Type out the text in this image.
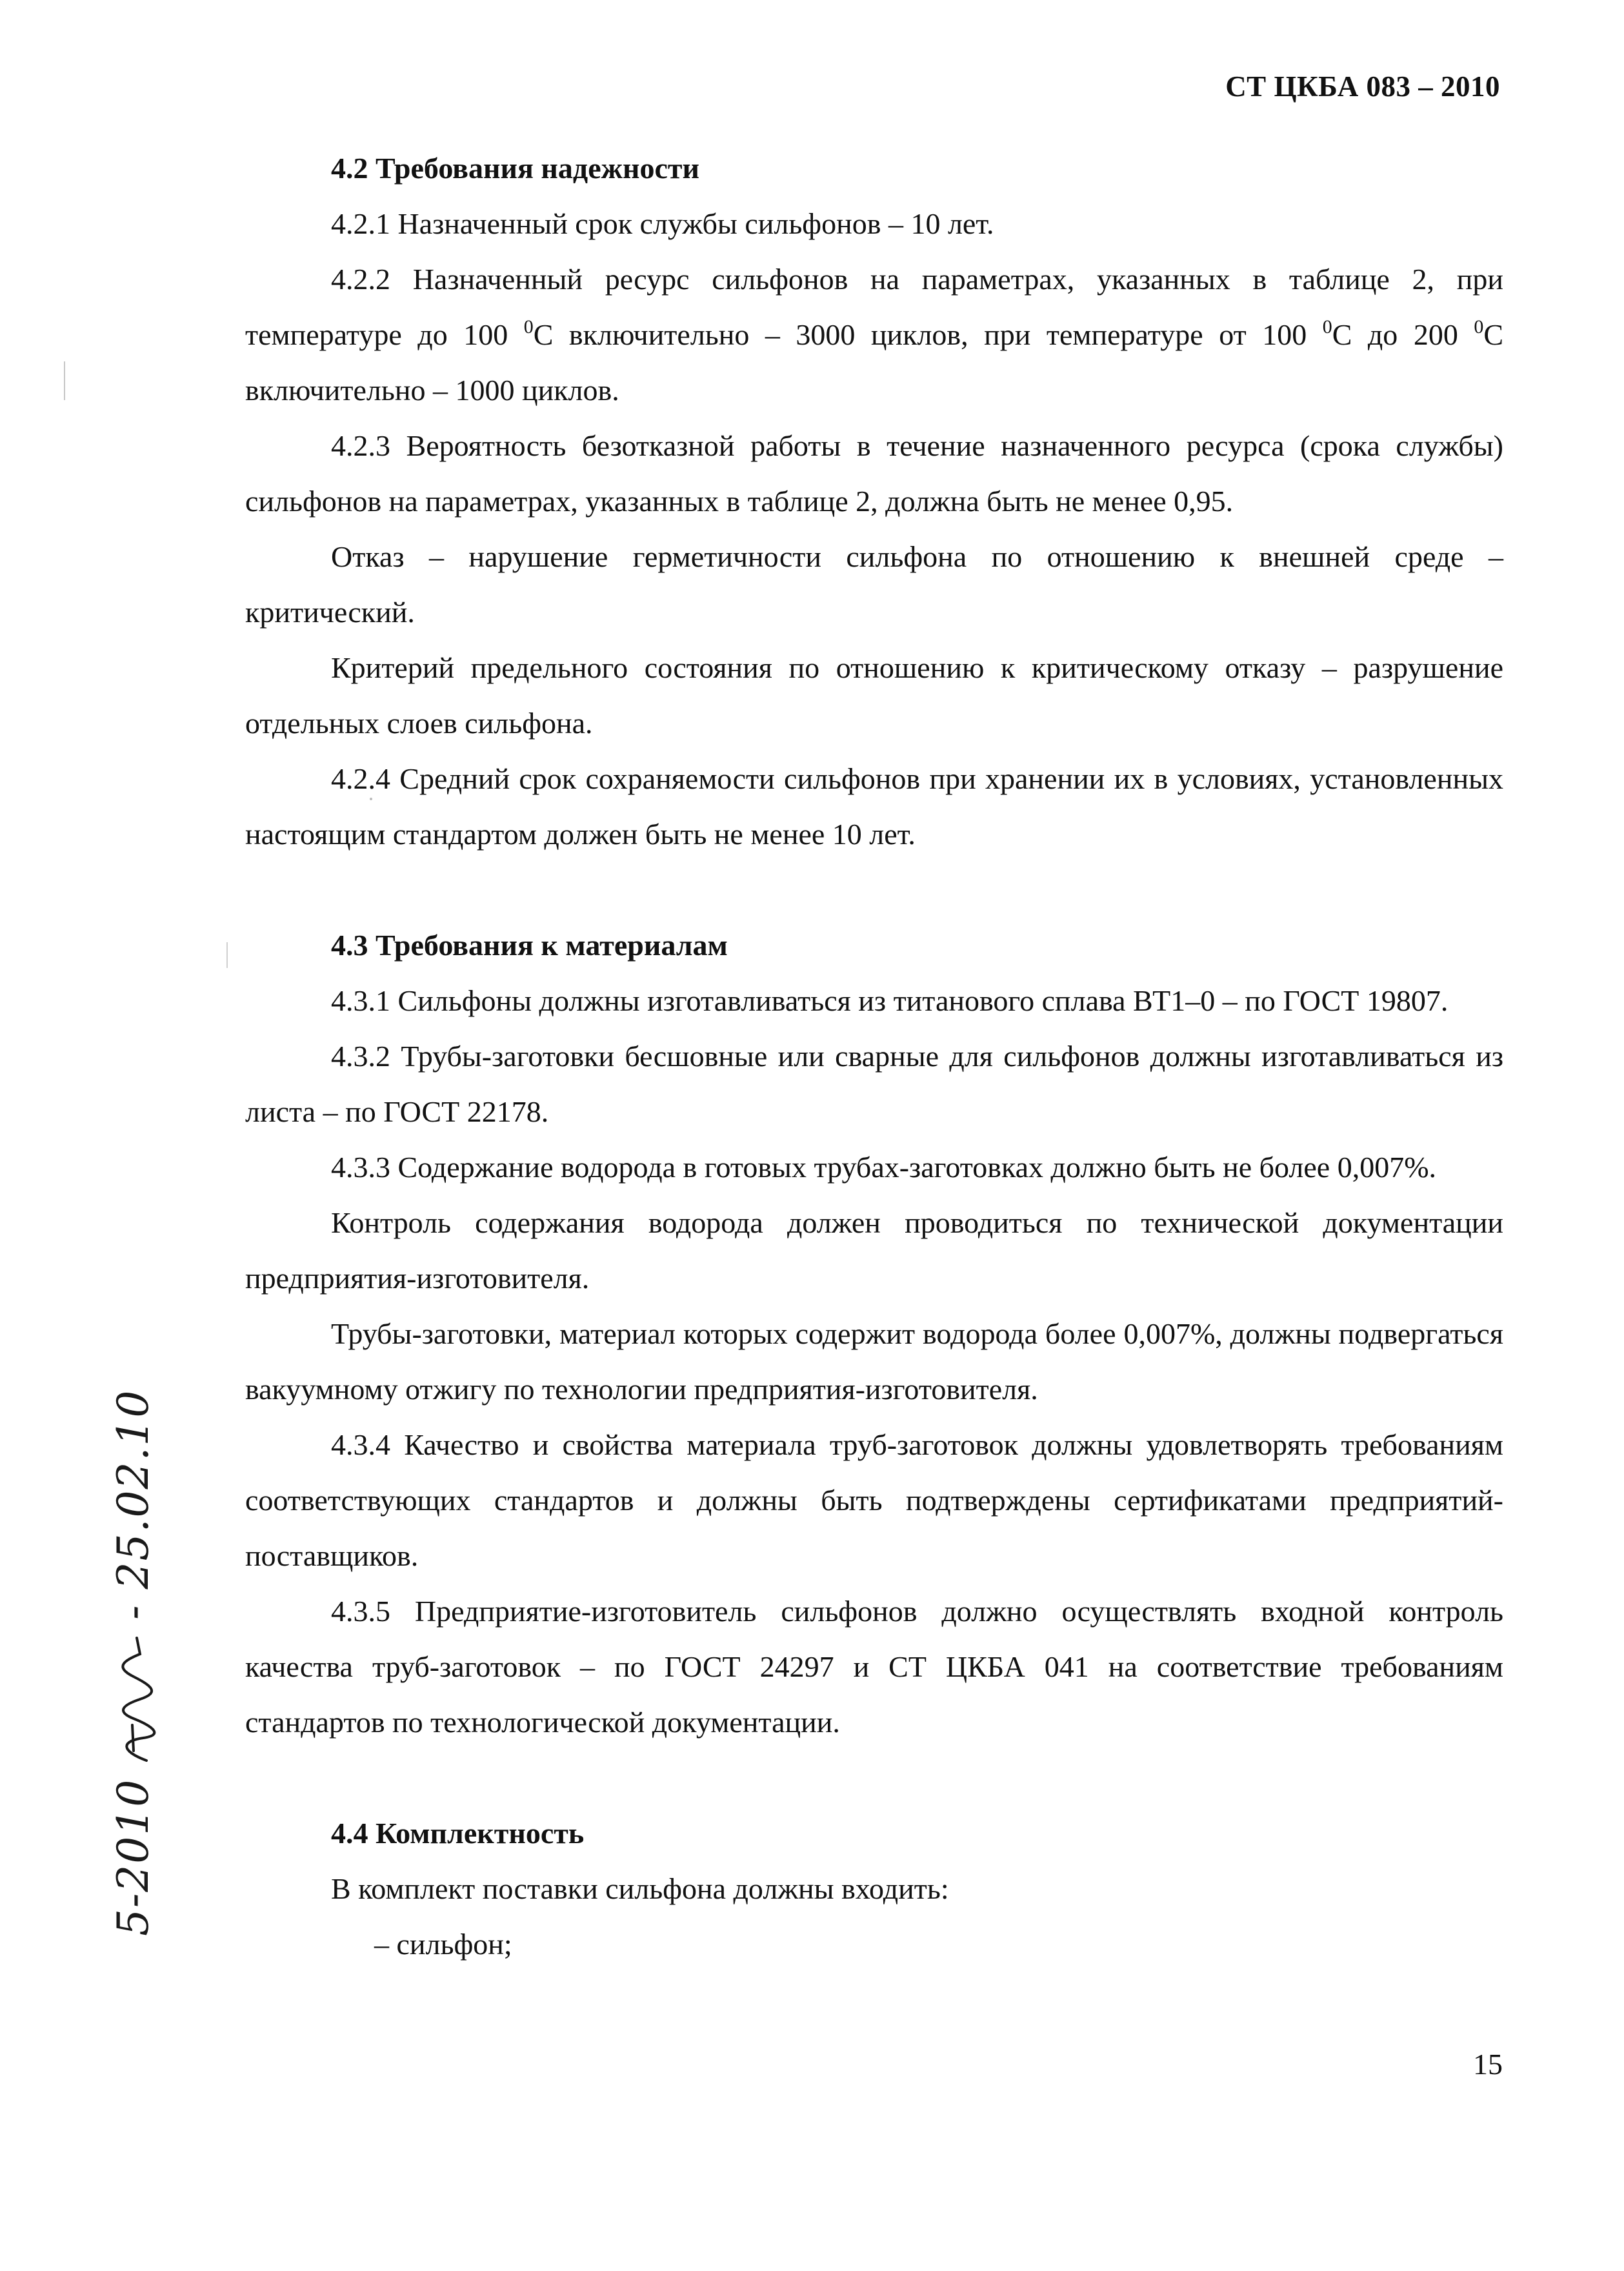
СТ ЦКБА 083 – 2010

4.2 Требования надежности

4.2.1 Назначенный срок службы сильфонов – 10 лет.

4.2.2 Назначенный ресурс сильфонов на параметрах, указанных в таблице 2, при температуре до 100 $^0$С включительно – 3000 циклов, при температуре от 100 $^0$С до 200 $^0$С включительно – 1000 циклов.

4.2.3 Вероятность безотказной работы в течение назначенного ресурса (срока службы) сильфонов на параметрах, указанных в таблице 2, должна быть не менее 0,95.

Отказ – нарушение герметичности сильфона по отношению к внешней среде – критический.

Критерий предельного состояния по отношению к критическому отказу – разрушение отдельных слоев сильфона.

4.2.4 Средний срок сохраняемости сильфонов при хранении их в условиях, установленных настоящим стандартом должен быть не менее 10 лет.

4.3 Требования к материалам

4.3.1 Сильфоны должны изготавливаться из титанового сплава ВТ1–0 – по ГОСТ 19807.

4.3.2 Трубы-заготовки бесшовные или сварные для сильфонов должны изготавливаться из листа – по ГОСТ 22178.

4.3.3 Содержание водорода в готовых трубах-заготовках должно быть не более 0,007%.

Контроль содержания водорода должен проводиться по технической документации предприятия-изготовителя.

Трубы-заготовки, материал которых содержит водорода более 0,007%, должны подвергаться вакуумному отжигу по технологии предприятия-изготовителя.

4.3.4 Качество и свойства материала труб-заготовок должны удовлетворять требованиям соответствующих стандартов и должны быть подтверждены сертификатами предприятий-поставщиков.

4.3.5 Предприятие-изготовитель сильфонов должно осуществлять входной контроль качества труб-заготовок – по ГОСТ 24297 и СТ ЦКБА 041 на соответствие требованиям стандартов по технологической документации.

4.4 Комплектность

В комплект поставки сильфона должны входить:

– сильфон;

15
5-2010  - 25.02.10
